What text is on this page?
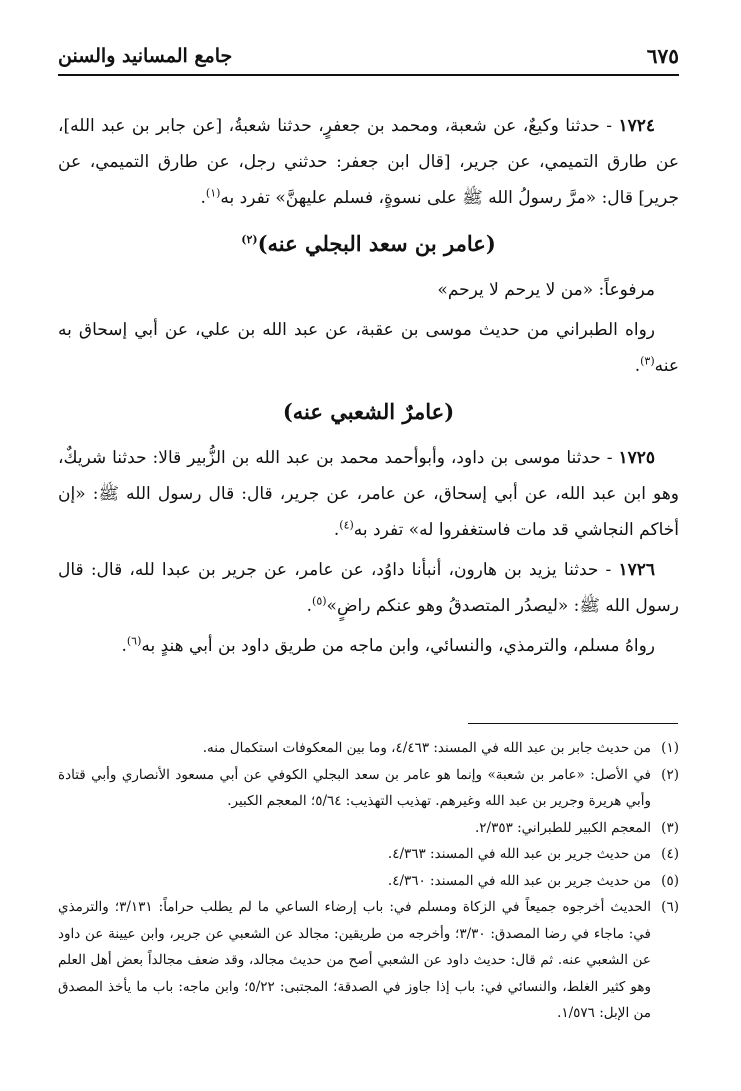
٦٧٥
جامع المسانيد والسنن

١٧٢٤ - حدثنا وكيعٌ، عن شعبة، ومحمد بن جعفرٍ، حدثنا شعبةُ، [عن جابر بن عبد الله]، عن طارق التميمي، عن جرير، [قال ابن جعفر: حدثني رجل، عن طارق التميمي، عن جرير] قال: «مرَّ رسولُ الله ﷺ على نسوةٍ، فسلم عليهنَّ» تفرد به$^{(١)}$.

(عامر بن سعد البجلي عنه)$^{(٢)}$

مرفوعاً: «من لا يرحم لا يرحم»

رواه الطبراني من حديث موسى بن عقبة، عن عبد الله بن علي، عن أبي إسحاق به عنه$^{(٣)}$.

(عامرٌ الشعبي عنه)

١٧٢٥ - حدثنا موسى بن داود، وأبوأحمد محمد بن عبد الله بن الزُّبير قالا: حدثنا شريكٌ، وهو ابن عبد الله، عن أبي إسحاق، عن عامر، عن جرير، قال: قال رسول الله ﷺ: «إن أخاكم النجاشي قد مات فاستغفروا له» تفرد به$^{(٤)}$.

١٧٢٦ - حدثنا يزيد بن هارون، أنبأنا داوُد، عن عامر، عن جرير بن عبدا لله، قال: قال رسول الله ﷺ: «ليصدُر المتصدقُ وهو عنكم راضٍ»$^{(٥)}$.

رواهُ مسلم، والترمذي، والنسائي، وابن ماجه من طريق داود بن أبي هندٍ به$^{(٦)}$.

(١)
من حديث جابر بن عبد الله في المسند: ٤/٤٦٣، وما بين المعكوفات استكمال منه.
(٢)
في الأصل: «عامر بن شعبة» وإنما هو عامر بن سعد البجلي الكوفي عن أبي مسعود الأنصاري وأبي قتادة وأبي هريرة وجرير بن عبد الله وغيرهم. تهذيب التهذيب: ٥/٦٤؛ المعجم الكبير.
(٣)
المعجم الكبير للطبراني: ٢/٣٥٣.
(٤)
من حديث جرير بن عبد الله في المسند: ٤/٣٦٣.
(٥)
من حديث جرير بن عبد الله في المسند: ٤/٣٦٠.
(٦)
الحديث أخرجوه جميعاً في الزكاة ومسلم في: باب إرضاء الساعي ما لم يطلب حراماً: ٣/١٣١؛ والترمذي في: ماجاء في رضا المصدق: ٣/٣٠؛ وأخرجه من طريقين: مجالد عن الشعبي عن جرير، وابن عيينة عن داود عن الشعبي عنه. ثم قال: حديث داود عن الشعبي أصح من حديث مجالد، وقد ضعف مجالداً بعض أهل العلم وهو كثير الغلط، والنسائي في: باب إذا جاوز في الصدقة؛ المجتبى: ٥/٢٢؛ وابن ماجه: باب ما يأخذ المصدق من الإبل: ١/٥٧٦.
